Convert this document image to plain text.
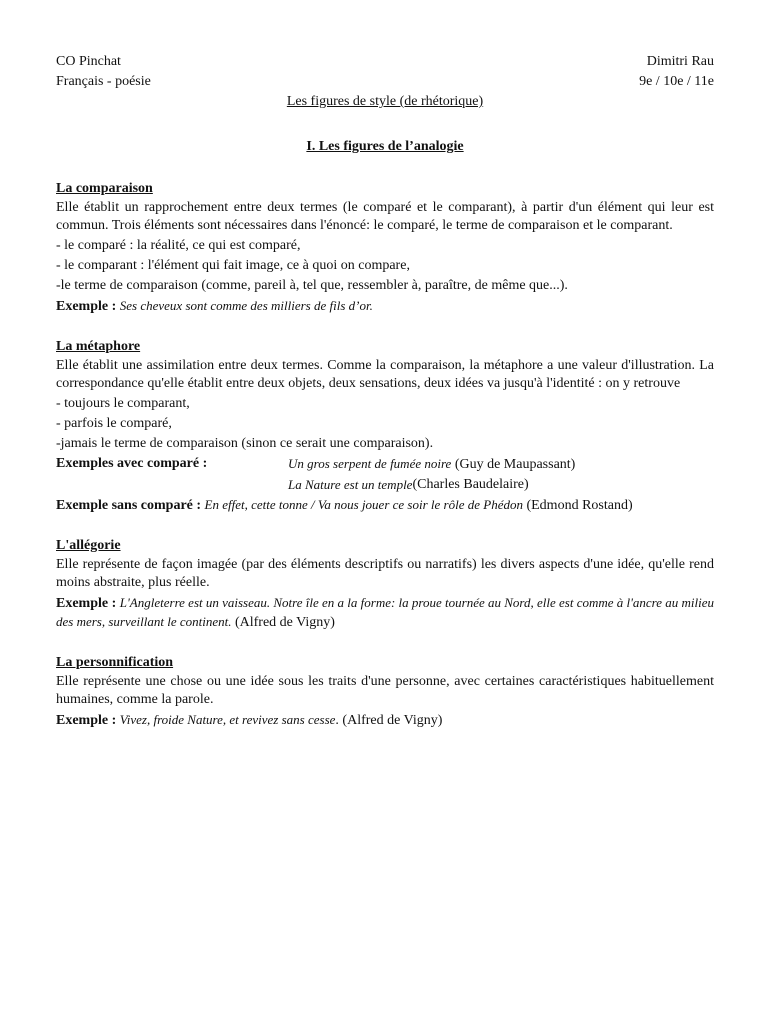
CO Pinchat	Dimitri Rau
Français - poésie	9e / 10e / 11e
Les figures de style (de rhétorique)
I. Les figures de l’analogie
La comparaison

Elle établit un rapprochement entre deux termes (le comparé et le comparant), à partir d'un élément qui leur est commun. Trois éléments sont nécessaires dans l'énoncé: le comparé, le terme de comparaison et le comparant.

- le comparé : la réalité, ce qui est comparé,
- le comparant : l'élément qui fait image, ce à quoi on compare,
-le terme de comparaison (comme, pareil à, tel que, ressembler à, paraître, de même que...).
Exemple : Ses cheveux sont comme des milliers de fils d’or.
La métaphore

Elle établit une assimilation entre deux termes. Comme la comparaison, la métaphore a une valeur d'illustration. La correspondance qu'elle établit entre deux objets, deux sensations, deux idées va jusqu'à l'identité : on y retrouve

- toujours le comparant,
- parfois le comparé,
-jamais le terme de comparaison (sinon ce serait une comparaison).
Exemples avec comparé :	Un gros serpent de fumée noire (Guy de Maupassant)
La Nature est un temple (Charles Baudelaire)
Exemple sans comparé : En effet, cette tonne / Va nous jouer ce soir le rôle de Phédon (Edmond Rostand)
L'allégorie

Elle représente de façon imagée (par des éléments descriptifs ou narratifs) les divers aspects d'une idée, qu'elle rend moins abstraite, plus réelle.

Exemple : L'Angleterre est un vaisseau. Notre île en a la forme: la proue tournée au Nord, elle est comme à l'ancre au milieu des mers, surveillant le continent. (Alfred de Vigny)

La personnification

Elle représente une chose ou une idée sous les traits d'une personne, avec certaines caractéristiques habituellement humaines, comme la parole.

Exemple : Vivez, froide Nature, et revivez sans cesse. (Alfred de Vigny)
